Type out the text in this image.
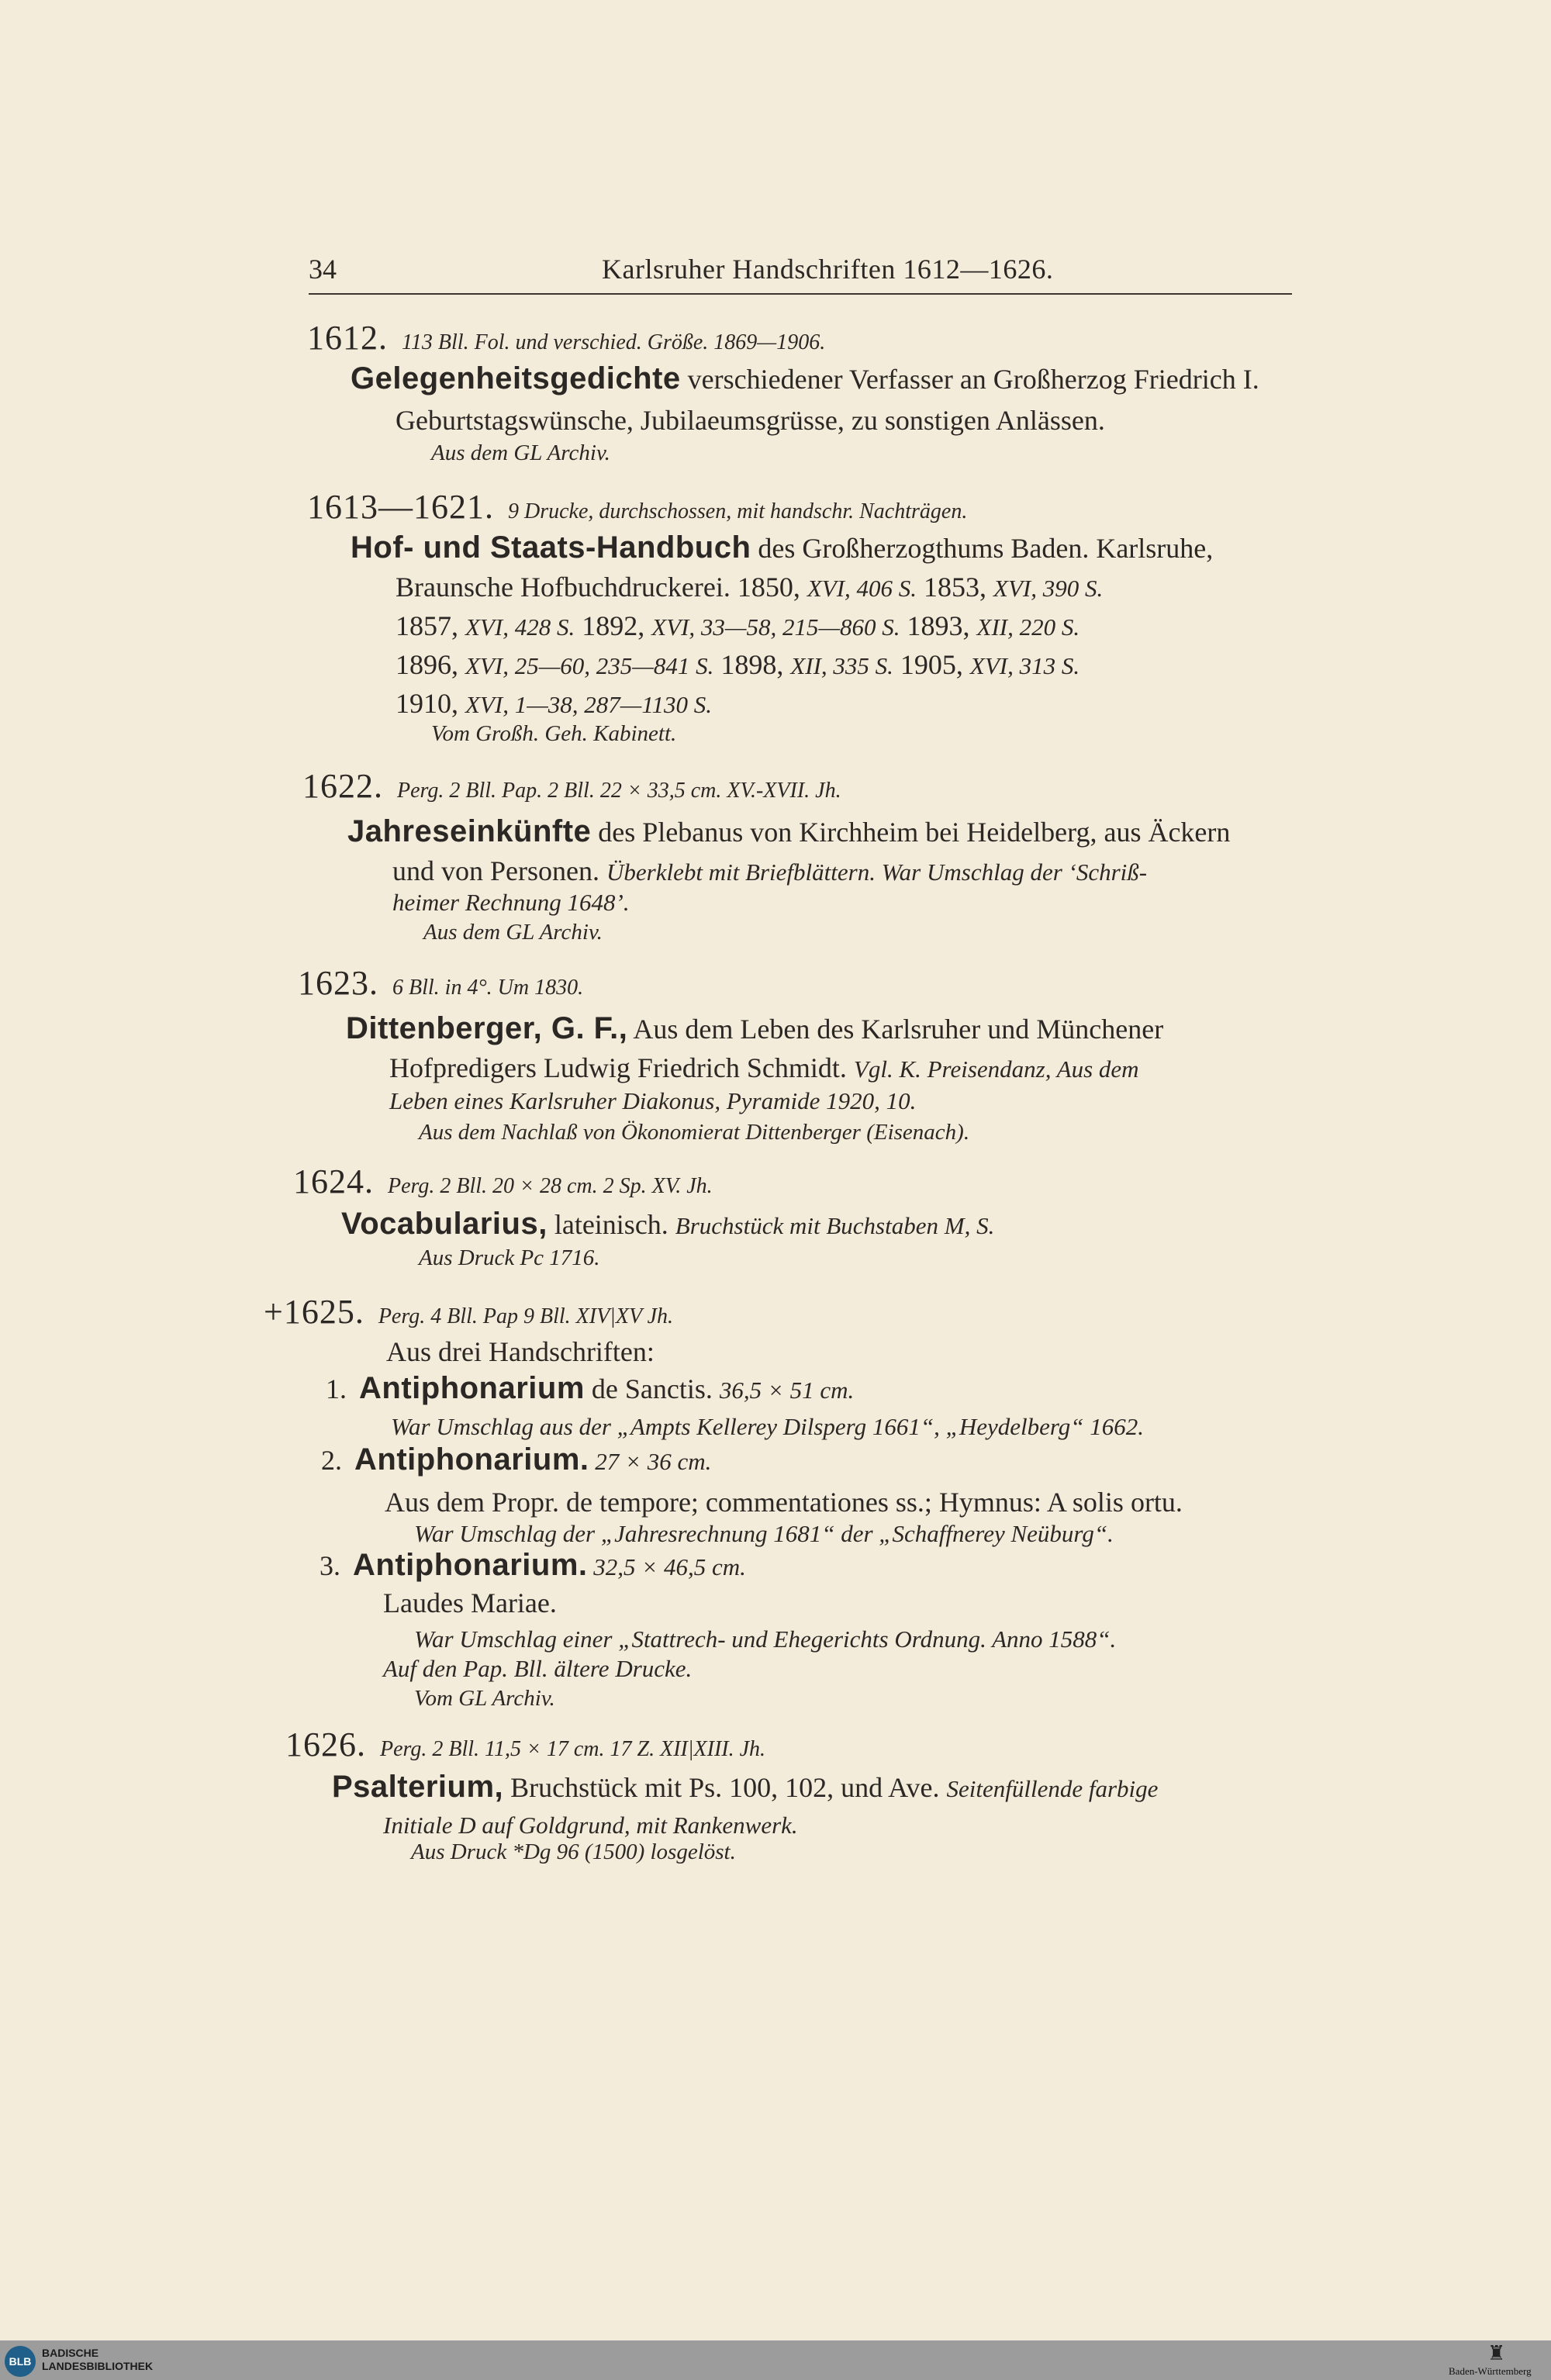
34	Karlsruher Handschriften 1612—1626.
1612. 113 Bll. Fol. und verschied. Größe. 1869—1906.
Gelegenheitsgedichte verschiedener Verfasser an Großherzog Friedrich I.
Geburtstagswünsche, Jubilaeumsgrüsse, zu sonstigen Anlässen.
Aus dem GL Archiv.
1613—1621. 9 Drucke, durchschossen, mit handschr. Nachträgen.
Hof- und Staats-Handbuch des Großherzogthums Baden. Karlsruhe,
Braunsche Hofbuchdruckerei. 1850, XVI, 406 S. 1853, XVI, 390 S.
1857, XVI, 428 S. 1892, XVI, 33—58, 215—860 S. 1893, XII, 220 S.
1896, XVI, 25—60, 235—841 S. 1898, XII, 335 S. 1905, XVI, 313 S.
1910, XVI, 1—38, 287—1130 S.
Vom Großh. Geh. Kabinett.
1622. Perg. 2 Bll. Pap. 2 Bll. 22 × 33,5 cm. XV.-XVII. Jh.
Jahreseinkünfte des Plebanus von Kirchheim bei Heidelberg, aus Äckern
und von Personen. Überklebt mit Briefblättern. War Umschlag der ‘Schriß-
heimer Rechnung 1648’.
Aus dem GL Archiv.
1623. 6 Bll. in 4°. Um 1830.
Dittenberger, G. F., Aus dem Leben des Karlsruher und Münchener
Hofpredigers Ludwig Friedrich Schmidt. Vgl. K. Preisendanz, Aus dem
Leben eines Karlsruher Diakonus, Pyramide 1920, 10.
Aus dem Nachlaß von Ökonomierat Dittenberger (Eisenach).
1624. Perg. 2 Bll. 20 × 28 cm. 2 Sp. XV. Jh.
Vocabularius, lateinisch. Bruchstück mit Buchstaben M, S.
Aus Druck Pc 1716.
+1625. Perg. 4 Bll. Pap 9 Bll. XIV|XV Jh.
Aus drei Handschriften:
1. Antiphonarium de Sanctis. 36,5 × 51 cm.
War Umschlag aus der „Ampts Kellerey Dilsperg 1661“, „Heydelberg“ 1662.
2. Antiphonarium. 27 × 36 cm.
Aus dem Propr. de tempore; commentationes ss.; Hymnus: A solis ortu.
War Umschlag der „Jahresrechnung 1681“ der „Schaffnerey Neüburg“.
3. Antiphonarium. 32,5 × 46,5 cm.
Laudes Mariae.
War Umschlag einer „Stattrech- und Ehegerichts Ordnung. Anno 1588“.
Auf den Pap. Bll. ältere Drucke.
Vom GL Archiv.
1626. Perg. 2 Bll. 11,5 × 17 cm. 17 Z. XII|XIII. Jh.
Psalterium, Bruchstück mit Ps. 100, 102, und Ave. Seitenfüllende farbige
Initiale D auf Goldgrund, mit Rankenwerk.
Aus Druck *Dg 96 (1500) losgelöst.
BLB
BADISCHE
LANDESBIBLIOTHEK
♜
Baden-Württemberg
